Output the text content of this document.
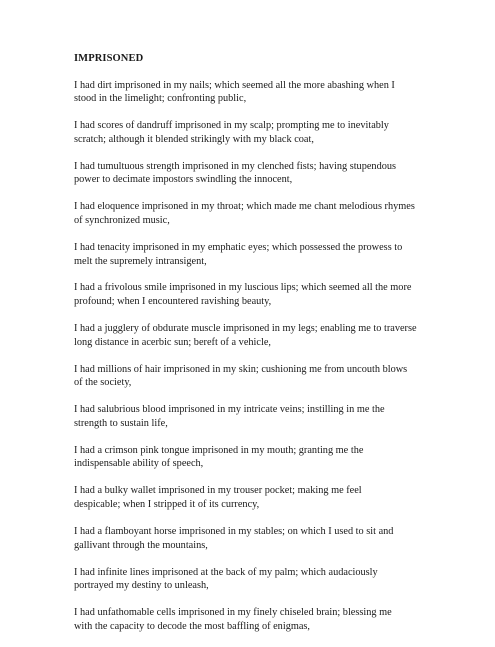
IMPRISONED
I had dirt imprisoned in my nails; which seemed all the more abashing when I
stood in the limelight; confronting public,
I had scores of dandruff imprisoned in my scalp; prompting me to inevitably
scratch; although it blended strikingly with my black coat,
I had tumultuous strength imprisoned in my clenched fists; having stupendous
power to decimate impostors swindling the innocent,
I had eloquence imprisoned in my throat; which made me chant melodious rhymes
of synchronized music,
I had tenacity imprisoned in my emphatic eyes; which possessed the prowess to
melt the supremely intransigent,
I had a frivolous smile imprisoned in my luscious lips; which seemed all the more
profound; when I encountered ravishing beauty,
I had a jugglery of obdurate muscle imprisoned in my legs; enabling me to traverse
long distance in acerbic sun; bereft of a vehicle,
I had millions of hair imprisoned in my skin; cushioning me from uncouth blows
of the society,
I had salubrious blood imprisoned in my intricate veins; instilling in me the
strength to sustain life,
I had a crimson pink tongue imprisoned in my mouth; granting me the
indispensable ability of speech,
I had a bulky wallet imprisoned in my trouser pocket; making me feel
despicable; when I stripped it of its currency,
I had a flamboyant horse imprisoned in my stables; on which I used to sit and
gallivant through the mountains,
I had infinite lines imprisoned at the back of my palm; which audaciously
portrayed my destiny to unleash,
I had unfathomable cells imprisoned in my finely chiseled brain; blessing me
with the capacity to decode the most baffling of enigmas,
